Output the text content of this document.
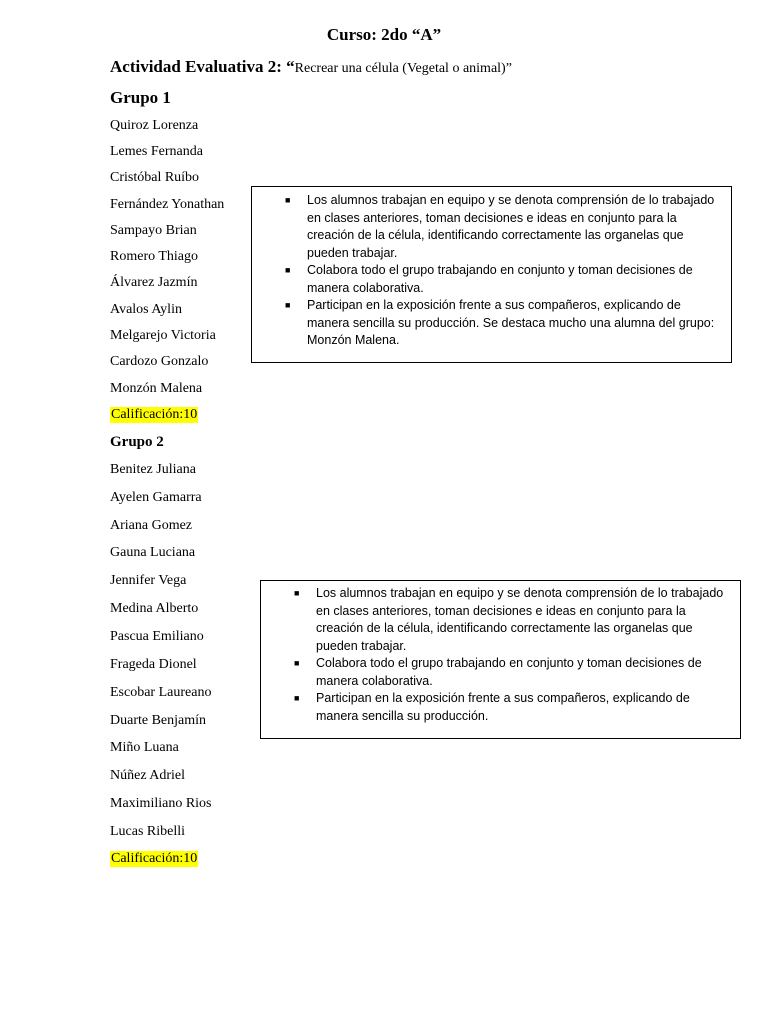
Curso: 2do “A”
Actividad Evaluativa 2: “Recrear una célula (Vegetal o animal)”
Grupo 1
Quiroz Lorenza
Lemes Fernanda
Cristóbal Ruíbo
Fernández Yonathan
Sampayo Brian
Romero Thiago
Álvarez Jazmín
Avalos Aylin
Melgarejo Victoria
Cardozo Gonzalo
Monzón Malena
Calificación:10
■ Los alumnos trabajan en equipo y se denota comprensión de lo trabajado en clases anteriores, toman decisiones e ideas en conjunto para la creación de la célula, identificando correctamente las organelas que pueden trabajar.
■ Colabora todo el grupo trabajando en conjunto y toman decisiones de manera colaborativa.
■ Participan en la exposición frente a sus compañeros, explicando de manera sencilla su producción. Se destaca mucho una alumna del grupo: Monzón Malena.
Grupo 2
Benitez Juliana
Ayelen Gamarra
Ariana Gomez
Gauna Luciana
Jennifer Vega
Medina Alberto
Pascua Emiliano
Frageda Dionel
Escobar Laureano
Duarte Benjamín
Miño Luana
Núñez Adriel
Maximiliano Rios
Lucas Ribelli
Calificación:10
■ Los alumnos trabajan en equipo y se denota comprensión de lo trabajado en clases anteriores, toman decisiones e ideas en conjunto para la creación de la célula, identificando correctamente las organelas que pueden trabajar.
■ Colabora todo el grupo trabajando en conjunto y toman decisiones de manera colaborativa.
■ Participan en la exposición frente a sus compañeros, explicando de manera sencilla su producción.
